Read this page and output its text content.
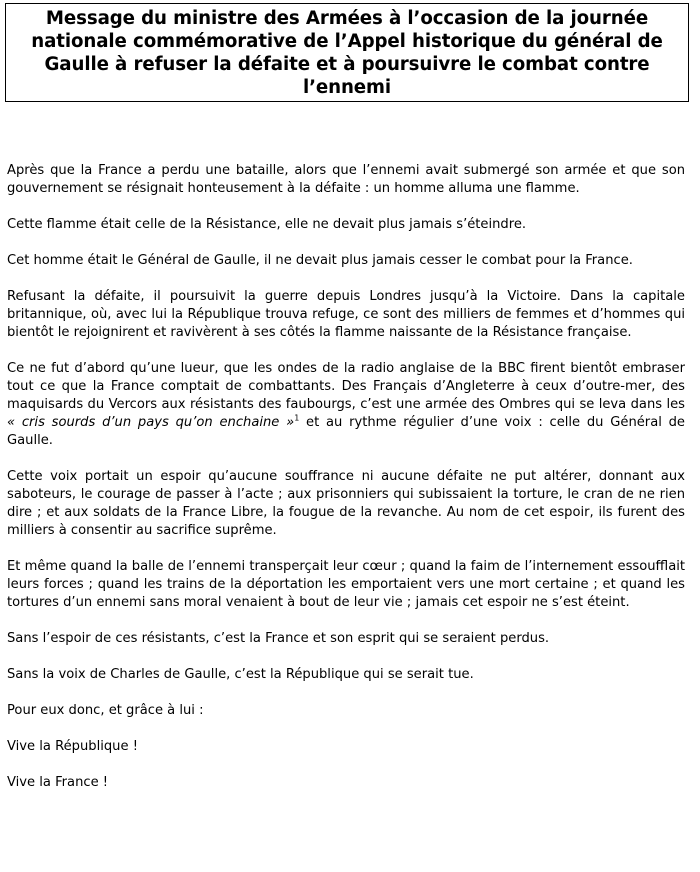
Message du ministre des Armées à l’occasion de la journée nationale commémorative de l’Appel historique du général de Gaulle à refuser la défaite et à poursuivre le combat contre l’ennemi

Après que la France a perdu une bataille, alors que l’ennemi avait submergé son armée et que son gouvernement se résignait honteusement à la défaite : un homme alluma une flamme.

Cette flamme était celle de la Résistance, elle ne devait plus jamais s’éteindre.

Cet homme était le Général de Gaulle, il ne devait plus jamais cesser le combat pour la France.

Refusant la défaite, il poursuivit la guerre depuis Londres jusqu’à la Victoire. Dans la capitale britannique, où, avec lui la République trouva refuge, ce sont des milliers de femmes et d’hommes qui bientôt le rejoignirent et ravivèrent à ses côtés la flamme naissante de la Résistance française.

Ce ne fut d’abord qu’une lueur, que les ondes de la radio anglaise de la BBC firent bientôt embraser tout ce que la France comptait de combattants. Des Français d’Angleterre à ceux d’outre-mer, des maquisards du Vercors aux résistants des faubourgs, c’est une armée des Ombres qui se leva dans les « cris sourds d’un pays qu’on enchaine »$^1$ et au rythme régulier d’une voix : celle du Général de Gaulle.

Cette voix portait un espoir qu’aucune souffrance ni aucune défaite ne put altérer, donnant aux saboteurs, le courage de passer à l’acte ; aux prisonniers qui subissaient la torture, le cran de ne rien dire ; et aux soldats de la France Libre, la fougue de la revanche. Au nom de cet espoir, ils furent des milliers à consentir au sacrifice suprême.

Et même quand la balle de l’ennemi transperçait leur cœur ; quand la faim de l’internement essoufflait leurs forces ; quand les trains de la déportation les emportaient vers une mort certaine ; et quand les tortures d’un ennemi sans moral venaient à bout de leur vie ; jamais cet espoir ne s’est éteint.

Sans l’espoir de ces résistants, c’est la France et son esprit qui se seraient perdus.

Sans la voix de Charles de Gaulle, c’est la République qui se serait tue.

Pour eux donc, et grâce à lui :

Vive la République !

Vive la France !
